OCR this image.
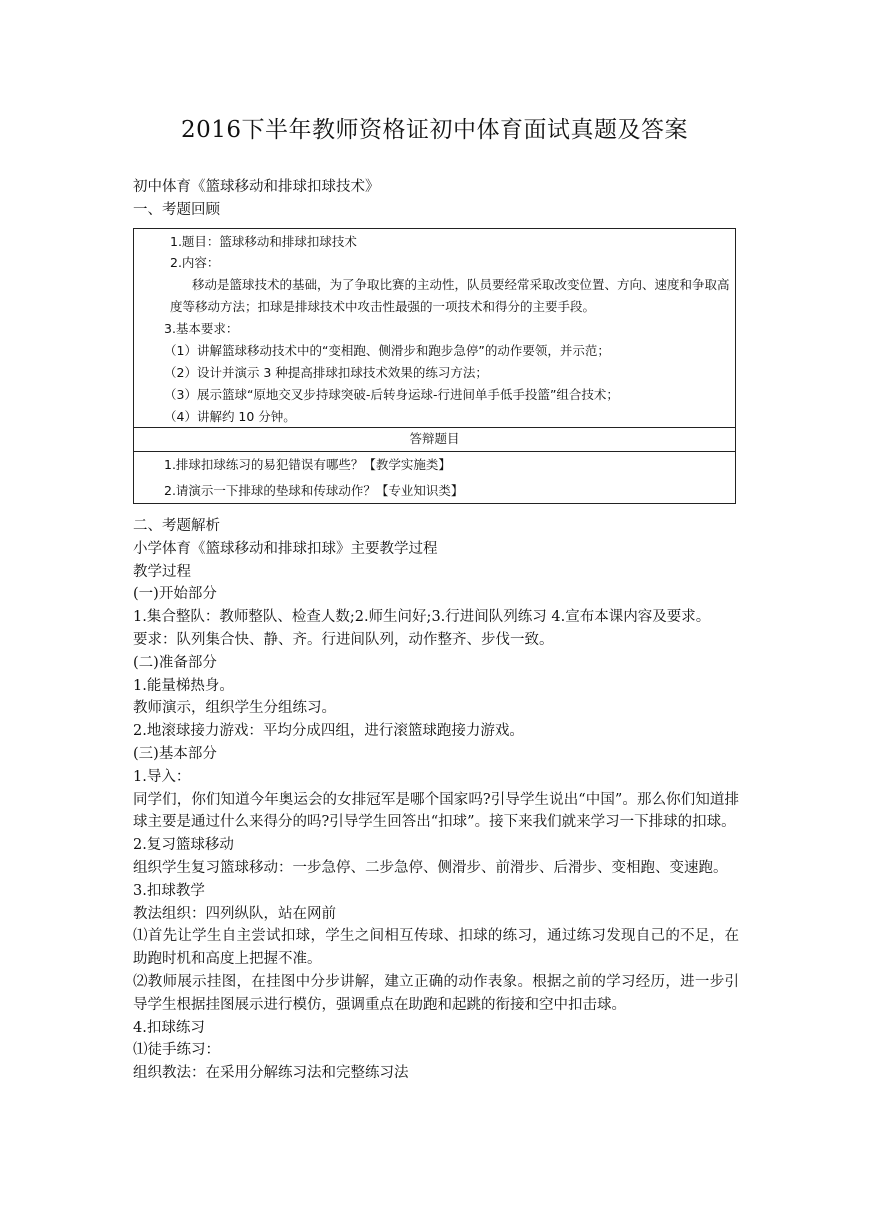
2016下半年教师资格证初中体育面试真题及答案
初中体育《篮球移动和排球扣球技术》
一、考题回顾
1.题目：篮球移动和排球扣球技术
2.内容：
移动是篮球技术的基础，为了争取比赛的主动性，队员要经常采取改变位置、方向、速度和争取高
度等移动方法；扣球是排球技术中攻击性最强的一项技术和得分的主要手段。
3.基本要求：
（1）讲解篮球移动技术中的“变相跑、侧滑步和跑步急停”的动作要领，并示范；
（2）设计并演示 3 种提高排球扣球技术效果的练习方法；
（3）展示篮球“原地交叉步持球突破-后转身运球-行进间单手低手投篮”组合技术；
（4）讲解约 10 分钟。
答辩题目
1.排球扣球练习的易犯错误有哪些？【教学实施类】
2.请演示一下排球的垫球和传球动作？【专业知识类】
二、考题解析
小学体育《篮球移动和排球扣球》主要教学过程
教学过程
(一)开始部分
1.集合整队：教师整队、检查人数;2.师生问好;3.行进间队列练习 4.宣布本课内容及要求。
要求：队列集合快、静、齐。行进间队列，动作整齐、步伐一致。
(二)准备部分
1.能量梯热身。
教师演示，组织学生分组练习。
2.地滚球接力游戏：平均分成四组，进行滚篮球跑接力游戏。
(三)基本部分
1.导入：
同学们，你们知道今年奥运会的女排冠军是哪个国家吗?引导学生说出“中国”。那么你们知道排球主要是通过什么来得分的吗?引导学生回答出“扣球”。接下来我们就来学习一下排球的扣球。
2.复习篮球移动
组织学生复习篮球移动：一步急停、二步急停、侧滑步、前滑步、后滑步、变相跑、变速跑。
3.扣球教学
教法组织：四列纵队，站在网前
⑴首先让学生自主尝试扣球，学生之间相互传球、扣球的练习，通过练习发现自己的不足，在助跑时机和高度上把握不准。
⑵教师展示挂图，在挂图中分步讲解，建立正确的动作表象。根据之前的学习经历，进一步引导学生根据挂图展示进行模仿，强调重点在助跑和起跳的衔接和空中扣击球。
4.扣球练习
⑴徒手练习：
组织教法：在采用分解练习法和完整练习法
